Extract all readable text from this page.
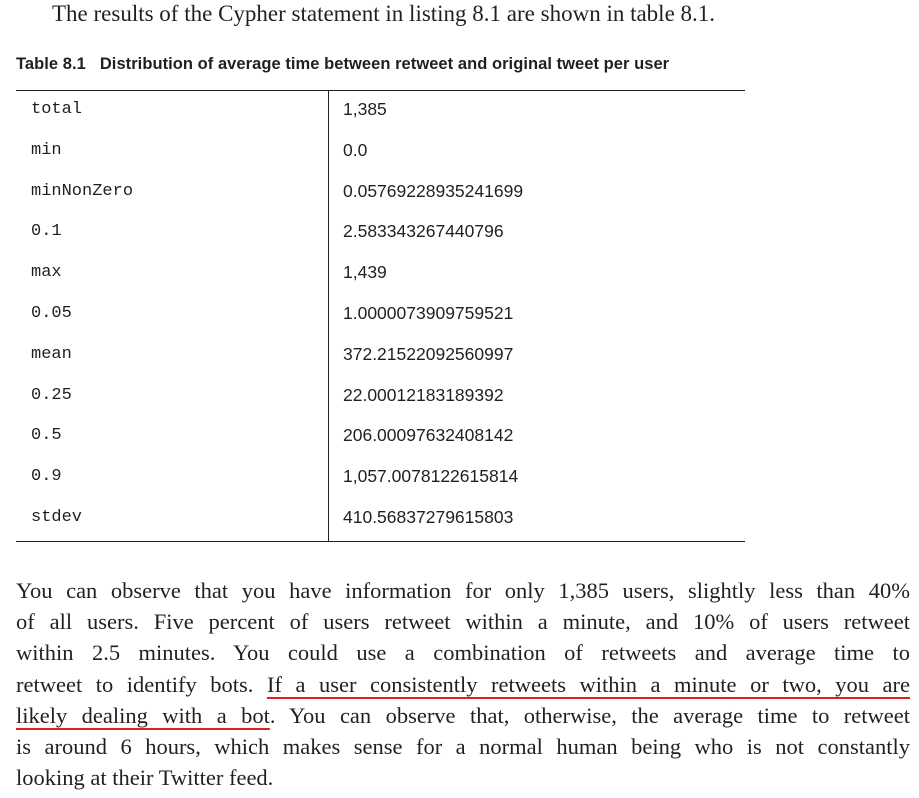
The results of the Cypher statement in listing 8.1 are shown in table 8.1.

Table 8.1 Distribution of average time between retweet and original tweet per user

total	1,385
min	0.0
minNonZero	0.05769228935241699
0.1	2.583343267440796
max	1,439
0.05	1.0000073909759521
mean	372.21522092560997
0.25	22.00012183189392
0.5	206.00097632408142
0.9	1,057.0078122615814
stdev	410.56837279615803
You can observe that you have information for only 1,385 users, slightly less than 40%
of all users. Five percent of users retweet within a minute, and 10% of users retweet
within 2.5 minutes. You could use a combination of retweets and average time to
retweet to identify bots. If a user consistently retweets within a minute or two, you are
likely dealing with a bot. You can observe that, otherwise, the average time to retweet
is around 6 hours, which makes sense for a normal human being who is not constantly
looking at their Twitter feed.
